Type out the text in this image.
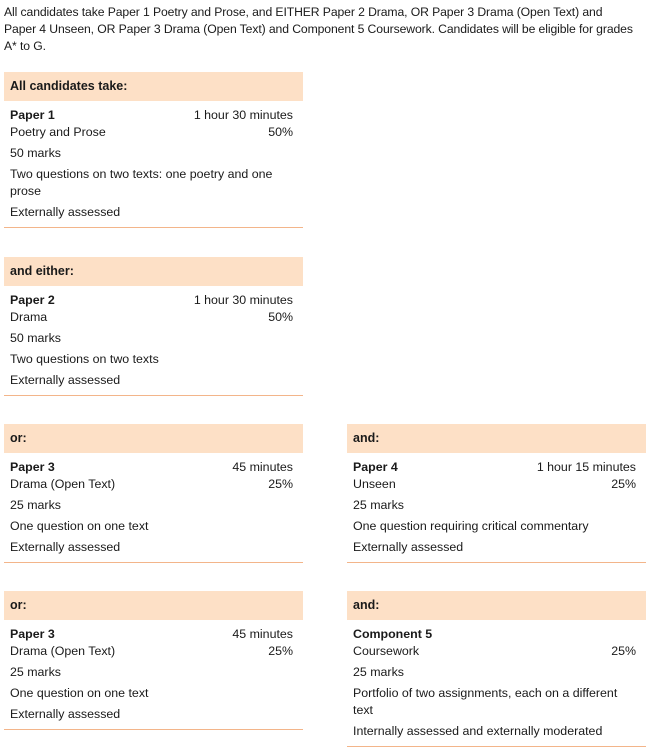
All candidates take Paper 1 Poetry and Prose, and EITHER Paper 2 Drama, OR Paper 3 Drama (Open Text) and Paper 4 Unseen, OR Paper 3 Drama (Open Text) and Component 5 Coursework. Candidates will be eligible for grades A* to G.
All candidates take:
Paper 1	1 hour 30 minutes
Poetry and Prose	50%
50 marks
Two questions on two texts: one poetry and one prose
Externally assessed
and either:
Paper 2	1 hour 30 minutes
Drama	50%
50 marks
Two questions on two texts
Externally assessed
or:
Paper 3	45 minutes
Drama (Open Text)	25%
25 marks
One question on one text
Externally assessed
and:
Paper 4	1 hour 15 minutes
Unseen	25%
25 marks
One question requiring critical commentary
Externally assessed
or:
Paper 3	45 minutes
Drama (Open Text)	25%
25 marks
One question on one text
Externally assessed
and:
Component 5
Coursework	25%
25 marks
Portfolio of two assignments, each on a different text
Internally assessed and externally moderated
